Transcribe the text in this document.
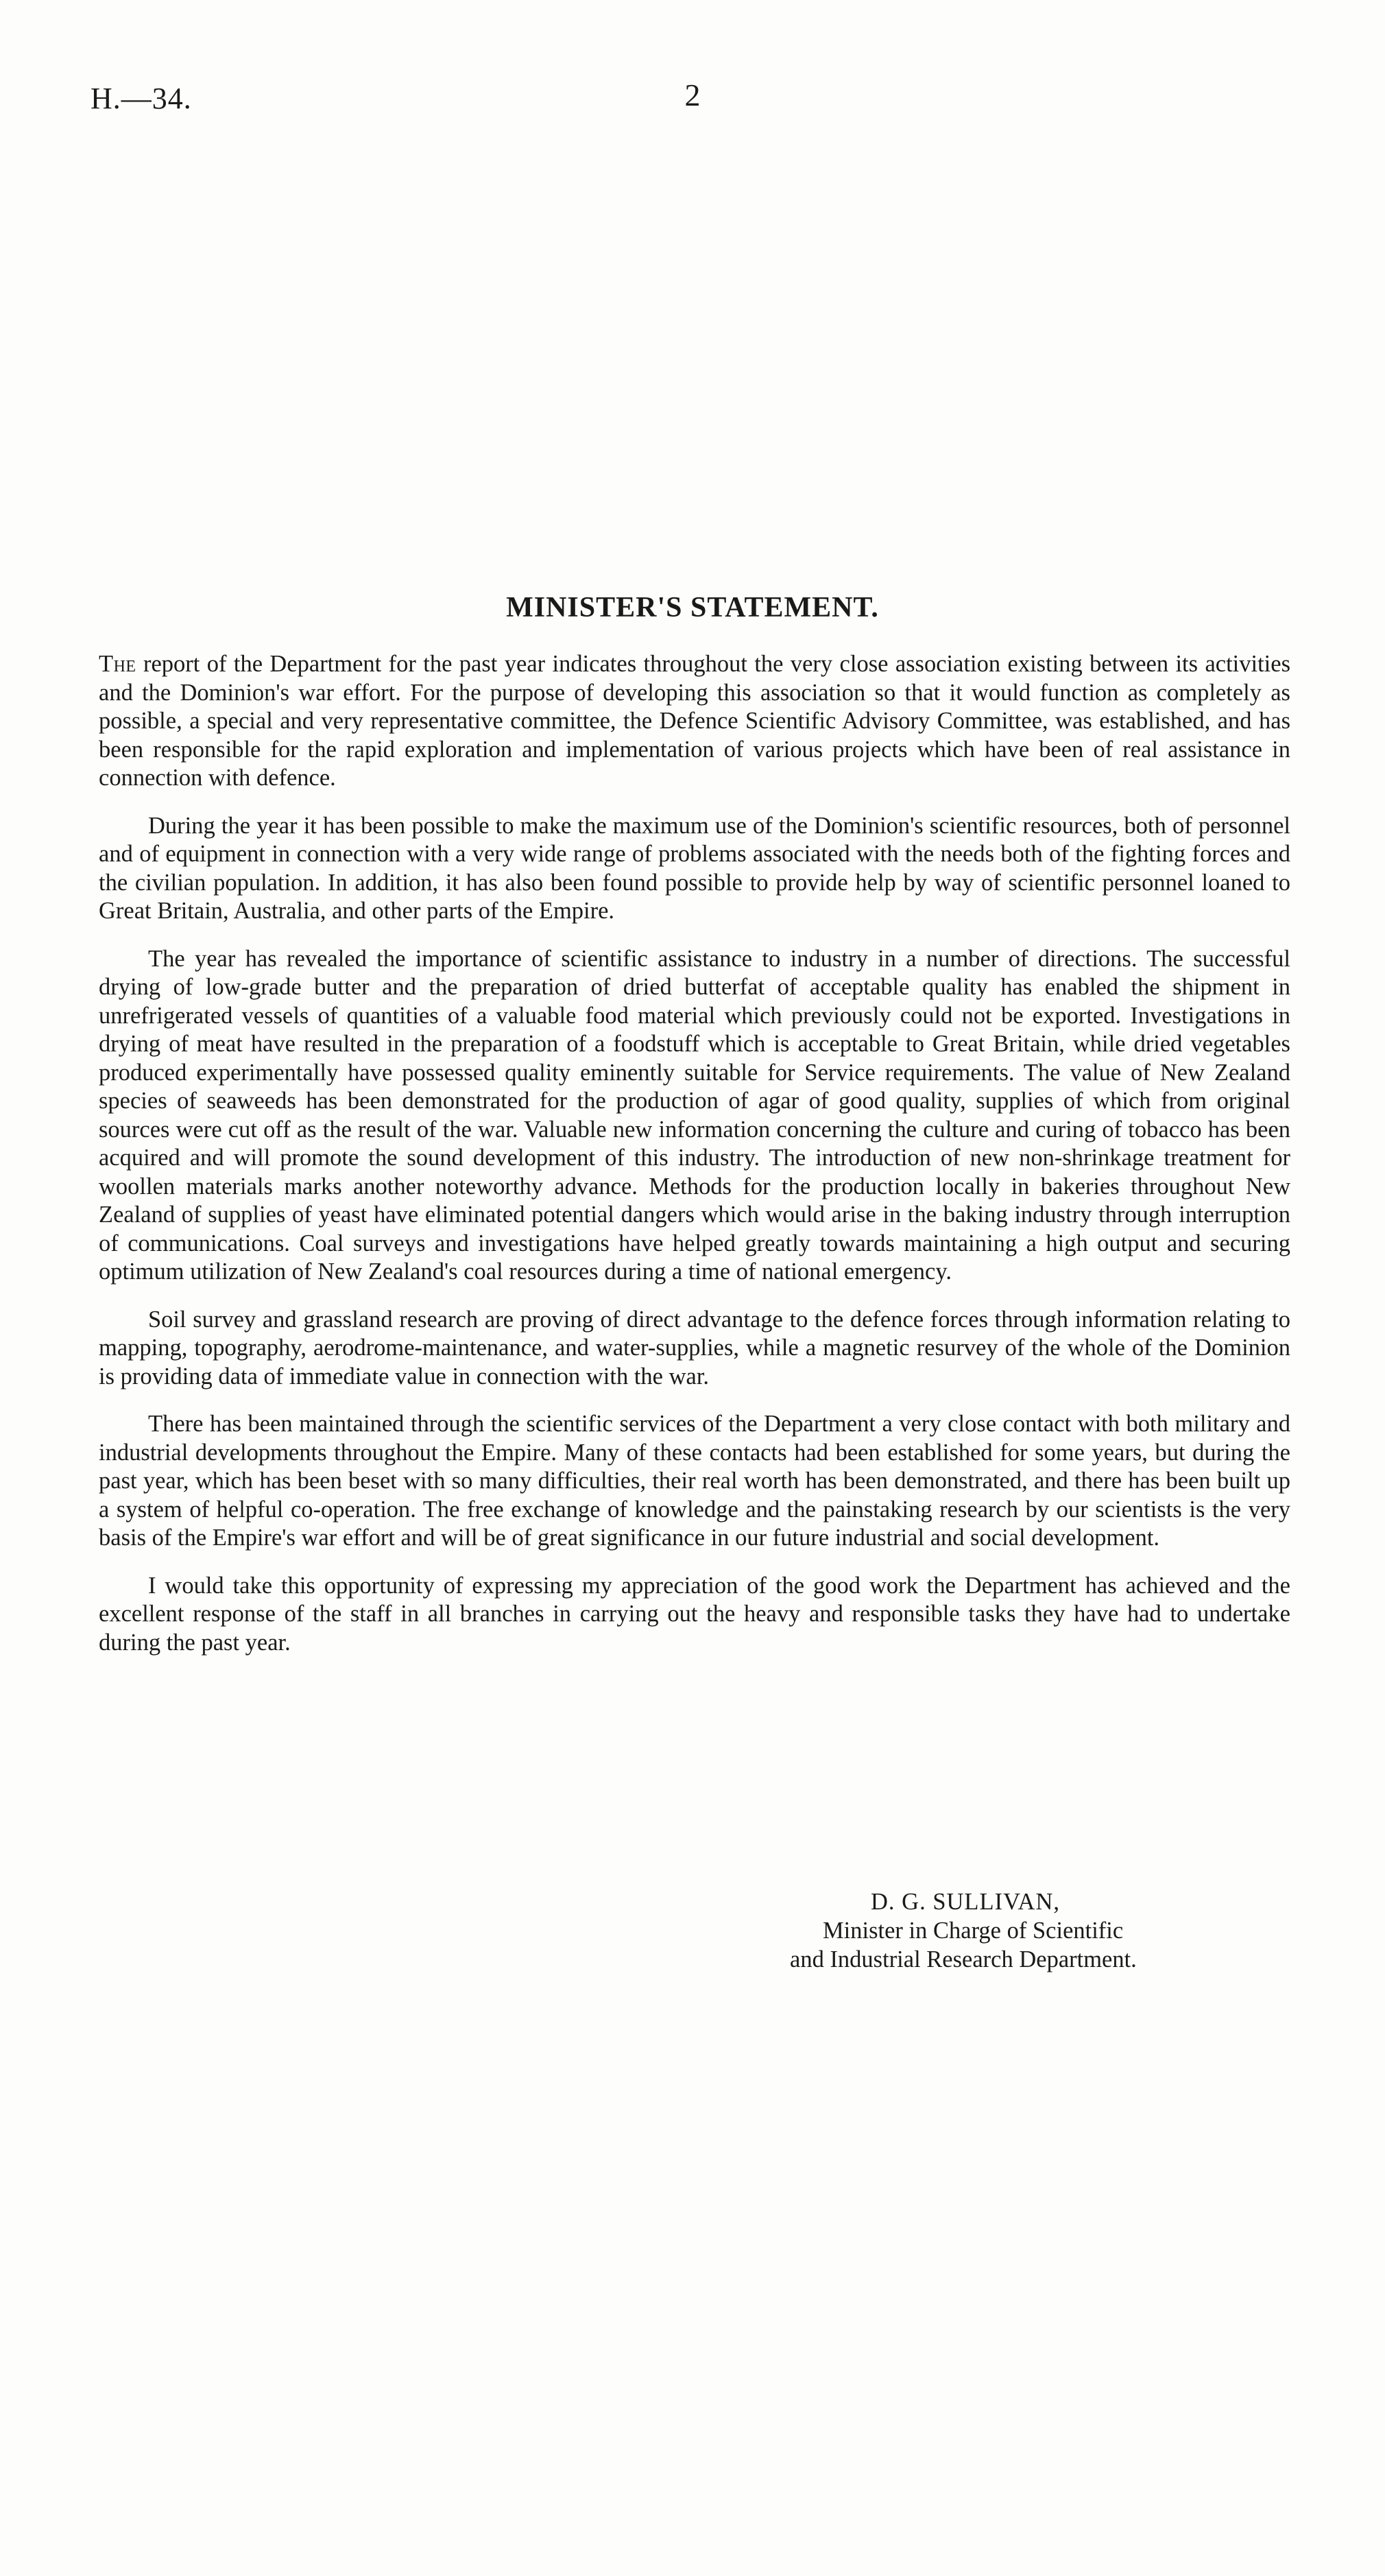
H.—34.	2
MINISTER'S STATEMENT.

The report of the Department for the past year indicates throughout the very close association existing between its activities and the Dominion's war effort. For the purpose of developing this association so that it would function as completely as possible, a special and very representative committee, the Defence Scientific Advisory Committee, was established, and has been responsible for the rapid exploration and implementation of various projects which have been of real assistance in connection with defence.

During the year it has been possible to make the maximum use of the Dominion's scientific resources, both of personnel and of equipment in connection with a very wide range of problems associated with the needs both of the fighting forces and the civilian population. In addition, it has also been found possible to provide help by way of scientific personnel loaned to Great Britain, Australia, and other parts of the Empire.

The year has revealed the importance of scientific assistance to industry in a number of directions. The successful drying of low-grade butter and the preparation of dried butterfat of acceptable quality has enabled the shipment in unrefrigerated vessels of quantities of a valuable food material which previously could not be exported. Investigations in drying of meat have resulted in the preparation of a foodstuff which is acceptable to Great Britain, while dried vegetables produced experimentally have possessed quality eminently suitable for Service requirements. The value of New Zealand species of seaweeds has been demonstrated for the production of agar of good quality, supplies of which from original sources were cut off as the result of the war. Valuable new information concerning the culture and curing of tobacco has been acquired and will promote the sound development of this industry. The introduction of new non-shrinkage treatment for woollen materials marks another noteworthy advance. Methods for the production locally in bakeries throughout New Zealand of supplies of yeast have eliminated potential dangers which would arise in the baking industry through interruption of communications. Coal surveys and investigations have helped greatly towards maintaining a high output and securing optimum utilization of New Zealand's coal resources during a time of national emergency.

Soil survey and grassland research are proving of direct advantage to the defence forces through information relating to mapping, topography, aerodrome-maintenance, and water-supplies, while a magnetic resurvey of the whole of the Dominion is providing data of immediate value in connection with the war.

There has been maintained through the scientific services of the Department a very close contact with both military and industrial developments throughout the Empire. Many of these contacts had been established for some years, but during the past year, which has been beset with so many difficulties, their real worth has been demonstrated, and there has been built up a system of helpful co-operation. The free exchange of knowledge and the painstaking research by our scientists is the very basis of the Empire's war effort and will be of great significance in our future industrial and social development.

I would take this opportunity of expressing my appreciation of the good work the Department has achieved and the excellent response of the staff in all branches in carrying out the heavy and responsible tasks they have had to undertake during the past year.

D. G. SULLIVAN,
Minister in Charge of Scientific
and Industrial Research Department.
